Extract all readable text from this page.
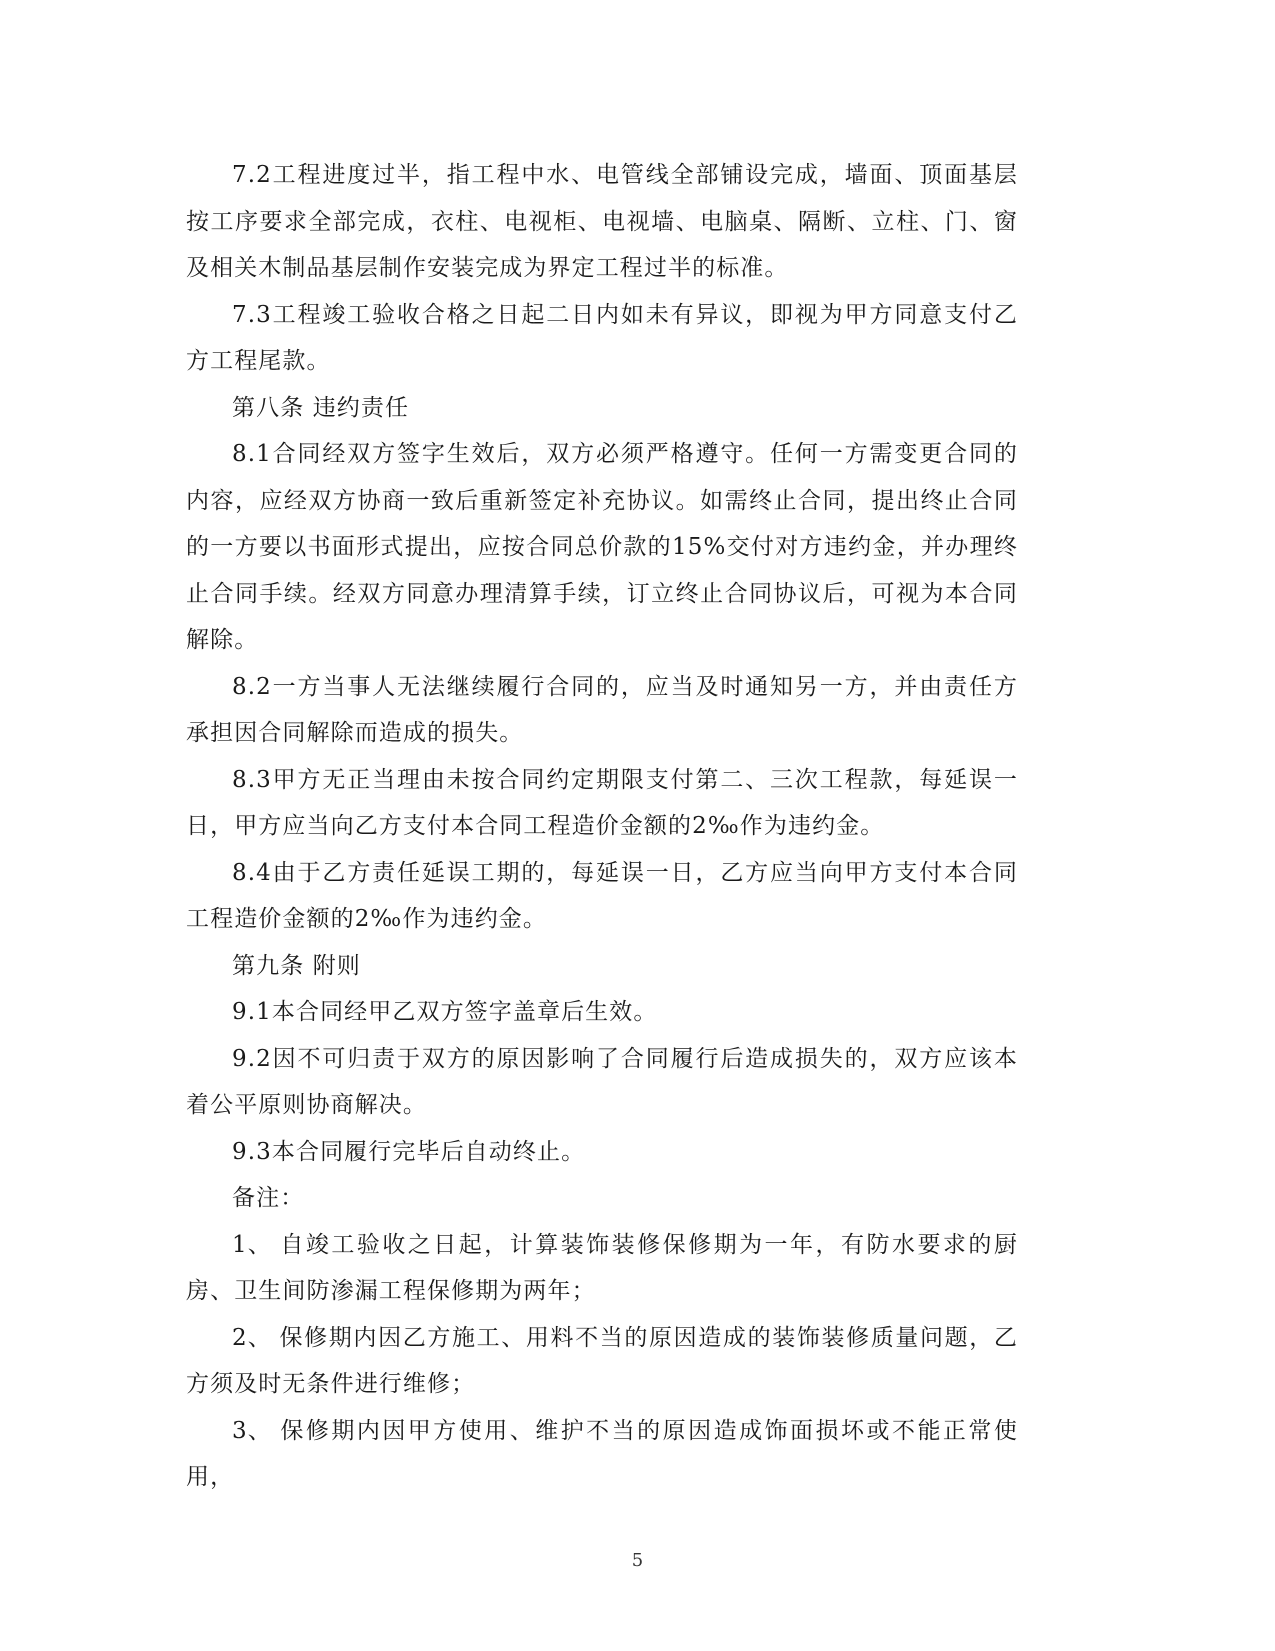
7.2工程进度过半，指工程中水、电管线全部铺设完成，墙面、顶面基层按工序要求全部完成，衣柱、电视柜、电视墙、电脑桌、隔断、立柱、门、窗及相关木制品基层制作安装完成为界定工程过半的标准。

7.3工程竣工验收合格之日起二日内如未有异议，即视为甲方同意支付乙方工程尾款。

第八条 违约责任

8.1合同经双方签字生效后，双方必须严格遵守。任何一方需变更合同的内容，应经双方协商一致后重新签定补充协议。如需终止合同，提出终止合同的一方要以书面形式提出，应按合同总价款的15%交付对方违约金，并办理终止合同手续。经双方同意办理清算手续，订立终止合同协议后，可视为本合同解除。

8.2一方当事人无法继续履行合同的，应当及时通知另一方，并由责任方承担因合同解除而造成的损失。

8.3甲方无正当理由未按合同约定期限支付第二、三次工程款，每延误一日，甲方应当向乙方支付本合同工程造价金额的2‰作为违约金。

8.4由于乙方责任延误工期的，每延误一日，乙方应当向甲方支付本合同工程造价金额的2‰作为违约金。

第九条 附则

9.1本合同经甲乙双方签字盖章后生效。

9.2因不可归责于双方的原因影响了合同履行后造成损失的，双方应该本着公平原则协商解决。

9.3本合同履行完毕后自动终止。

备注：

1、 自竣工验收之日起，计算装饰装修保修期为一年，有防水要求的厨房、卫生间防渗漏工程保修期为两年；

2、 保修期内因乙方施工、用料不当的原因造成的装饰装修质量问题，乙方须及时无条件进行维修；

3、 保修期内因甲方使用、维护不当的原因造成饰面损坏或不能正常使用，

5
